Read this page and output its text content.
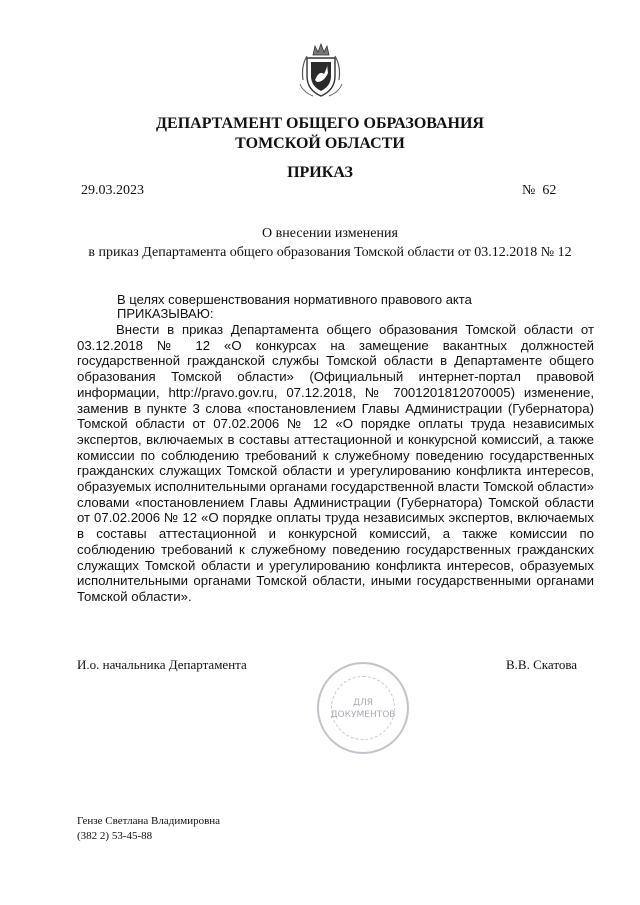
ДЕПАРТАМЕНТ ОБЩЕГО ОБРАЗОВАНИЯ
ТОМСКОЙ ОБЛАСТИ
ПРИКАЗ
29.03.2023	№  62
О внесении изменения
в приказ Департамента общего образования Томской области от 03.12.2018 № 12
В целях совершенствования нормативного правового акта
ПРИКАЗЫВАЮ:
Внести в приказ Департамента общего образования Томской области от 03.12.2018 № 12 «О конкурсах на замещение вакантных должностей государственной гражданской службы Томской области в Департаменте общего образования Томской области» (Официальный интернет-портал правовой информации, http://pravo.gov.ru, 07.12.2018, № 7001201812070005) изменение, заменив в пункте 3 слова «постановлением Главы Администрации (Губернатора) Томской области от 07.02.2006 № 12 «О порядке оплаты труда независимых экспертов, включаемых в составы аттестационной и конкурсной комиссий, а также комиссии по соблюдению требований к служебному поведению государственных гражданских служащих Томской области и урегулированию конфликта интересов, образуемых исполнительными органами государственной власти Томской области» словами «постановлением Главы Администрации (Губернатора) Томской области от 07.02.2006 № 12 «О порядке оплаты труда независимых экспертов, включаемых в составы аттестационной и конкурсной комиссий, а также комиссии по соблюдению требований к служебному поведению государственных гражданских служащих Томской области и урегулированию конфликта интересов, образуемых исполнительными органами Томской области, иными государственными органами Томской области».
И.о. начальника Департамента	В.В. Скатова
ДЛЯ
ДОКУМЕНТОВ
Гензе Светлана Владимировна
(382 2) 53-45-88
